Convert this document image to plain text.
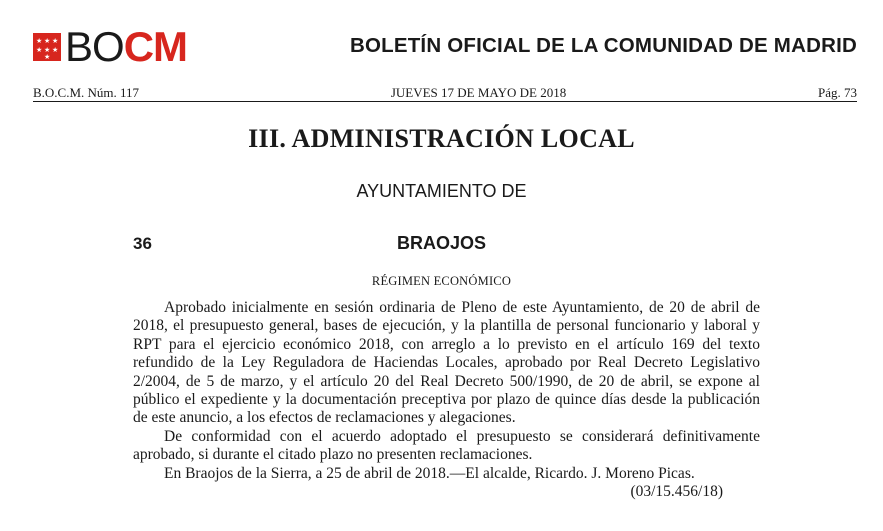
★ ★ ★
★ ★ ★
★ BOCM	BOLETÍN OFICIAL DE LA COMUNIDAD DE MADRID
B.O.C.M. Núm. 117	JUEVES 17 DE MAYO DE 2018	Pág. 73
III. ADMINISTRACIÓN LOCAL
AYUNTAMIENTO DE
36	BRAOJOS
RÉGIMEN ECONÓMICO

Aprobado inicialmente en sesión ordinaria de Pleno de este Ayuntamiento, de 20 de abril de 2018, el presupuesto general, bases de ejecución, y la plantilla de personal funcionario y laboral y RPT para el ejercicio económico 2018, con arreglo a lo previsto en el artículo 169 del texto refundido de la Ley Reguladora de Haciendas Locales, aprobado por Real Decreto Legislativo 2/2004, de 5 de marzo, y el artículo 20 del Real Decreto 500/1990, de 20 de abril, se expone al público el expediente y la documentación preceptiva por plazo de quince días desde la publicación de este anuncio, a los efectos de reclamaciones y alegaciones.

De conformidad con el acuerdo adoptado el presupuesto se considerará definitivamente aprobado, si durante el citado plazo no presenten reclamaciones.

En Braojos de la Sierra, a 25 de abril de 2018.—El alcalde, Ricardo. J. Moreno Picas.

(03/15.456/18)
